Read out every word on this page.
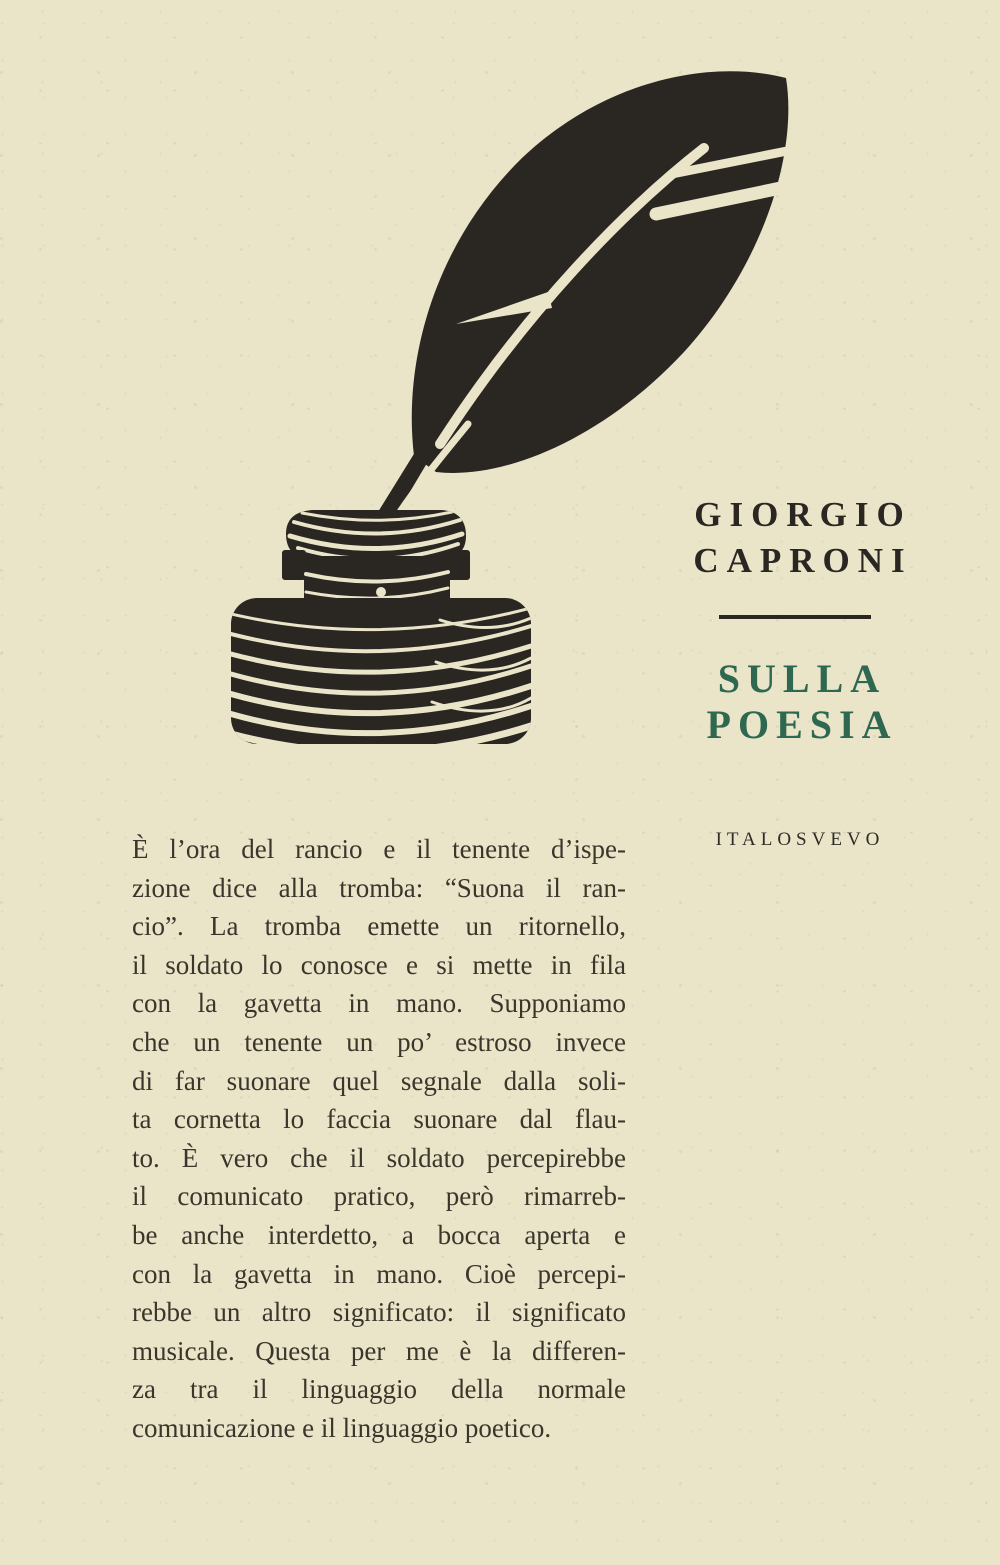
GIORGIO
CAPRONI
SULLA
POESIA
ITALOSVEVO
È l’ora del rancio e il tenente d’ispe-
zione dice alla tromba: “Suona il ran-
cio”. La tromba emette un ritornello,
il soldato lo conosce e si mette in fila
con la gavetta in mano. Supponiamo
che un tenente un po’ estroso invece
di far suonare quel segnale dalla soli-
ta cornetta lo faccia suonare dal flau-
to. È vero che il soldato percepirebbe
il comunicato pratico, però rimarreb-
be anche interdetto, a bocca aperta e
con la gavetta in mano. Cioè percepi-
rebbe un altro significato: il significato
musicale. Questa per me è la differen-
za tra il linguaggio della normale
comunicazione e il linguaggio poetico.
